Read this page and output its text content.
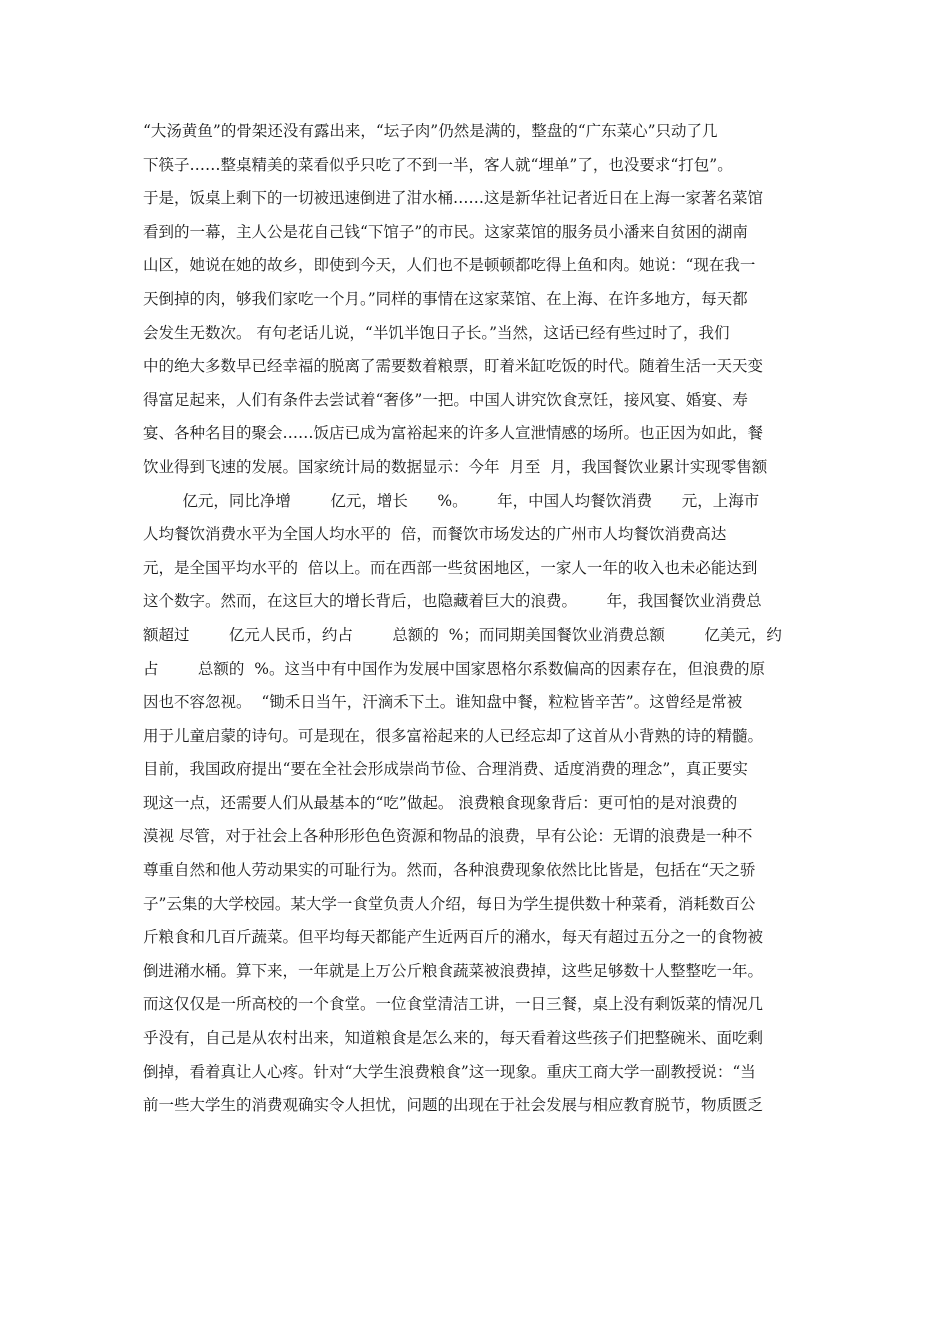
“大汤黄鱼”的骨架还没有露出来，“坛子肉”仍然是满的，整盘的“广东菜心”只动了几
下筷子……整桌精美的菜看似乎只吃了不到一半，客人就“埋单”了，也没要求“打包”。
于是，饭桌上剩下的一切被迅速倒进了泔水桶……这是新华社记者近日在上海一家著名菜馆
看到的一幕，主人公是花自己钱“下馆子”的市民。这家菜馆的服务员小潘来自贫困的湖南
山区，她说在她的故乡，即使到今天，人们也不是顿顿都吃得上鱼和肉。她说：“现在我一
天倒掉的肉，够我们家吃一个月。”同样的事情在这家菜馆、在上海、在许多地方，每天都
会发生无数次。 有句老话儿说，“半饥半饱日子长。”当然，这话已经有些过时了，我们
中的绝大多数早已经幸福的脱离了需要数着粮票，盯着米缸吃饭的时代。随着生活一天天变
得富足起来，人们有条件去尝试着“奢侈”一把。中国人讲究饮食烹饪，接风宴、婚宴、寿
宴、各种名目的聚会……饭店已成为富裕起来的许多人宣泄情感的场所。也正因为如此，餐
饮业得到飞速的发展。国家统计局的数据显示：今年  月至  月，我国餐饮业累计实现零售额
亿元，同比净增        亿元，增长      %。      年，中国人均餐饮消费      元，上海市
人均餐饮消费水平为全国人均水平的  倍，而餐饮市场发达的广州市人均餐饮消费高达
元，是全国平均水平的  倍以上。而在西部一些贫困地区，一家人一年的收入也未必能达到
这个数字。然而，在这巨大的增长背后，也隐藏着巨大的浪费。      年，我国餐饮业消费总
额超过        亿元人民币，约占        总额的  %；而同期美国餐饮业消费总额        亿美元，约
占        总额的  %。这当中有中国作为发展中国家恩格尔系数偏高的因素存在，但浪费的原
因也不容忽视。  “锄禾日当午，汗滴禾下土。谁知盘中餐，粒粒皆辛苦”。这曾经是常被
用于儿童启蒙的诗句。可是现在，很多富裕起来的人已经忘却了这首从小背熟的诗的精髓。
目前，我国政府提出“要在全社会形成崇尚节俭、合理消费、适度消费的理念”，真正要实
现这一点，还需要人们从最基本的“吃”做起。 浪费粮食现象背后：更可怕的是对浪费的
漠视 尽管，对于社会上各种形形色色资源和物品的浪费，早有公论：无谓的浪费是一种不
尊重自然和他人劳动果实的可耻行为。然而，各种浪费现象依然比比皆是，包括在“天之骄
子”云集的大学校园。某大学一食堂负责人介绍，每日为学生提供数十种菜肴，消耗数百公
斤粮食和几百斤蔬菜。但平均每天都能产生近两百斤的潲水，每天有超过五分之一的食物被
倒进潲水桶。算下来，一年就是上万公斤粮食蔬菜被浪费掉，这些足够数十人整整吃一年。
而这仅仅是一所高校的一个食堂。一位食堂清洁工讲，一日三餐，桌上没有剩饭菜的情况几
乎没有，自己是从农村出来，知道粮食是怎么来的，每天看着这些孩子们把整碗米、面吃剩
倒掉，看着真让人心疼。针对“大学生浪费粮食”这一现象。重庆工商大学一副教授说：“当
前一些大学生的消费观确实令人担忧，问题的出现在于社会发展与相应教育脱节，物质匮乏
